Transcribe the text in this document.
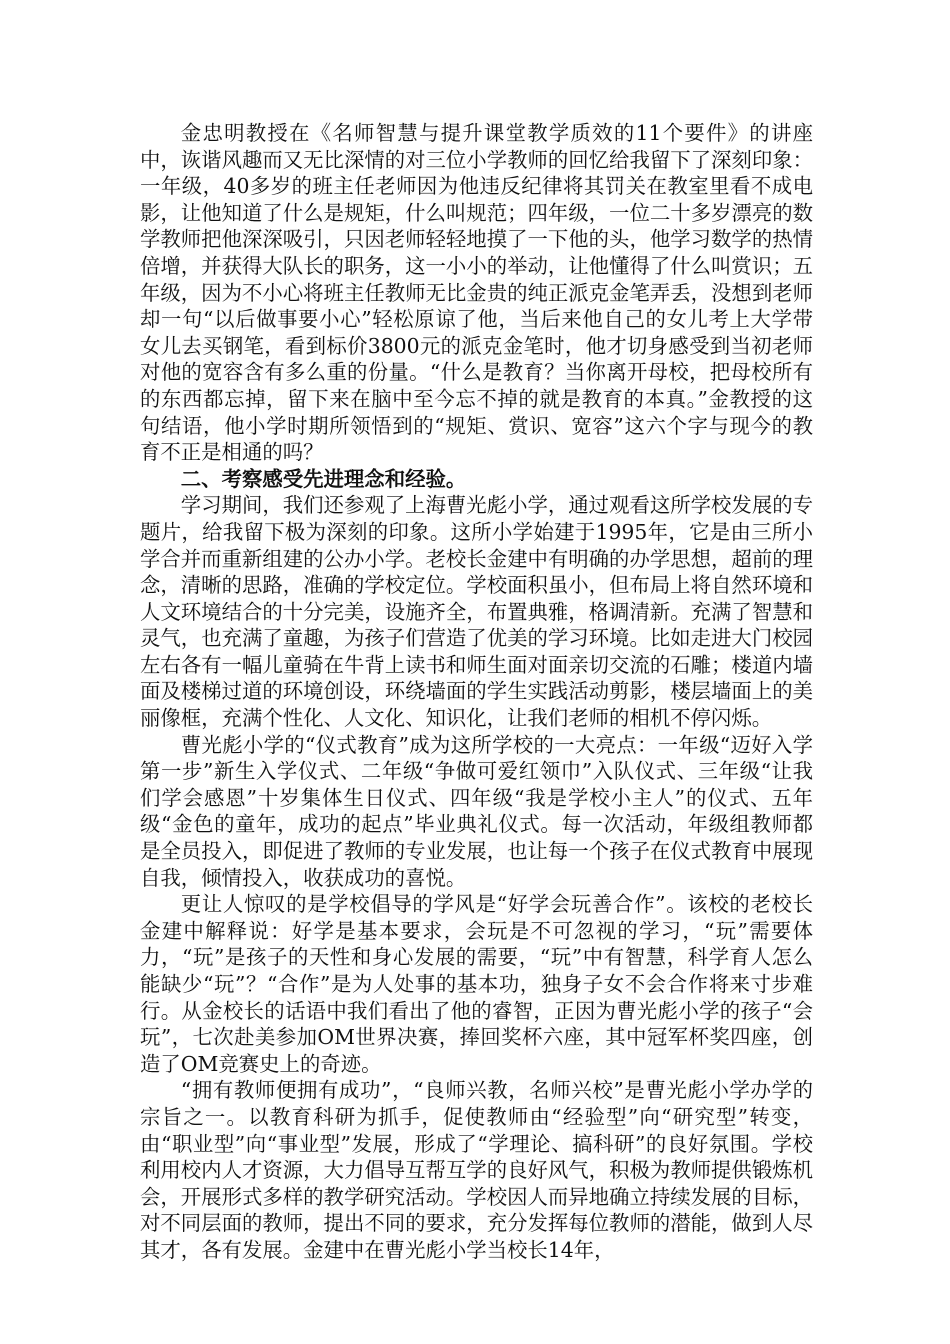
金忠明教授在《名师智慧与提升课堂教学质效的11个要件》的讲座中，诙谐风趣而又无比深情的对三位小学教师的回忆给我留下了深刻印象：一年级，40多岁的班主任老师因为他违反纪律将其罚关在教室里看不成电影，让他知道了什么是规矩，什么叫规范；四年级，一位二十多岁漂亮的数学教师把他深深吸引，只因老师轻轻地摸了一下他的头，他学习数学的热情倍增，并获得大队长的职务，这一小小的举动，让他懂得了什么叫赏识；五年级，因为不小心将班主任教师无比金贵的纯正派克金笔弄丢，没想到老师却一句“以后做事要小心”轻松原谅了他，当后来他自己的女儿考上大学带女儿去买钢笔，看到标价3800元的派克金笔时，他才切身感受到当初老师对他的宽容含有多么重的份量。“什么是教育？当你离开母校，把母校所有的东西都忘掉，留下来在脑中至今忘不掉的就是教育的本真。”金教授的这句结语，他小学时期所领悟到的“规矩、赏识、宽容”这六个字与现今的教育不正是相通的吗？

二、考察感受先进理念和经验。

学习期间，我们还参观了上海曹光彪小学，通过观看这所学校发展的专题片，给我留下极为深刻的印象。这所小学始建于1995年，它是由三所小学合并而重新组建的公办小学。老校长金建中有明确的办学思想，超前的理念，清晰的思路，准确的学校定位。学校面积虽小，但布局上将自然环境和人文环境结合的十分完美，设施齐全，布置典雅，格调清新。充满了智慧和灵气，也充满了童趣，为孩子们营造了优美的学习环境。比如走进大门校园左右各有一幅儿童骑在牛背上读书和师生面对面亲切交流的石雕；楼道内墙面及楼梯过道的环境创设，环绕墙面的学生实践活动剪影，楼层墙面上的美丽像框，充满个性化、人文化、知识化，让我们老师的相机不停闪烁。

曹光彪小学的“仪式教育”成为这所学校的一大亮点：一年级“迈好入学第一步”新生入学仪式、二年级“争做可爱红领巾”入队仪式、三年级“让我们学会感恩”十岁集体生日仪式、四年级“我是学校小主人”的仪式、五年级“金色的童年，成功的起点”毕业典礼仪式。每一次活动，年级组教师都是全员投入，即促进了教师的专业发展，也让每一个孩子在仪式教育中展现自我，倾情投入，收获成功的喜悦。

更让人惊叹的是学校倡导的学风是“好学会玩善合作”。该校的老校长金建中解释说：好学是基本要求，会玩是不可忽视的学习，“玩”需要体力，“玩”是孩子的天性和身心发展的需要，“玩”中有智慧，科学育人怎么能缺少“玩”？“合作”是为人处事的基本功，独身子女不会合作将来寸步难行。从金校长的话语中我们看出了他的睿智，正因为曹光彪小学的孩子“会玩”，七次赴美参加OM世界决赛，捧回奖杯六座，其中冠军杯奖四座，创造了OM竞赛史上的奇迹。

“拥有教师便拥有成功”，“良师兴教，名师兴校”是曹光彪小学办学的宗旨之一。以教育科研为抓手，促使教师由“经验型”向“研究型”转变，由“职业型”向“事业型”发展，形成了“学理论、搞科研”的良好氛围。学校利用校内人才资源，大力倡导互帮互学的良好风气，积极为教师提供锻炼机会，开展形式多样的教学研究活动。学校因人而异地确立持续发展的目标，对不同层面的教师，提出不同的要求，充分发挥每位教师的潜能，做到人尽其才，各有发展。金建中在曹光彪小学当校长14年，
